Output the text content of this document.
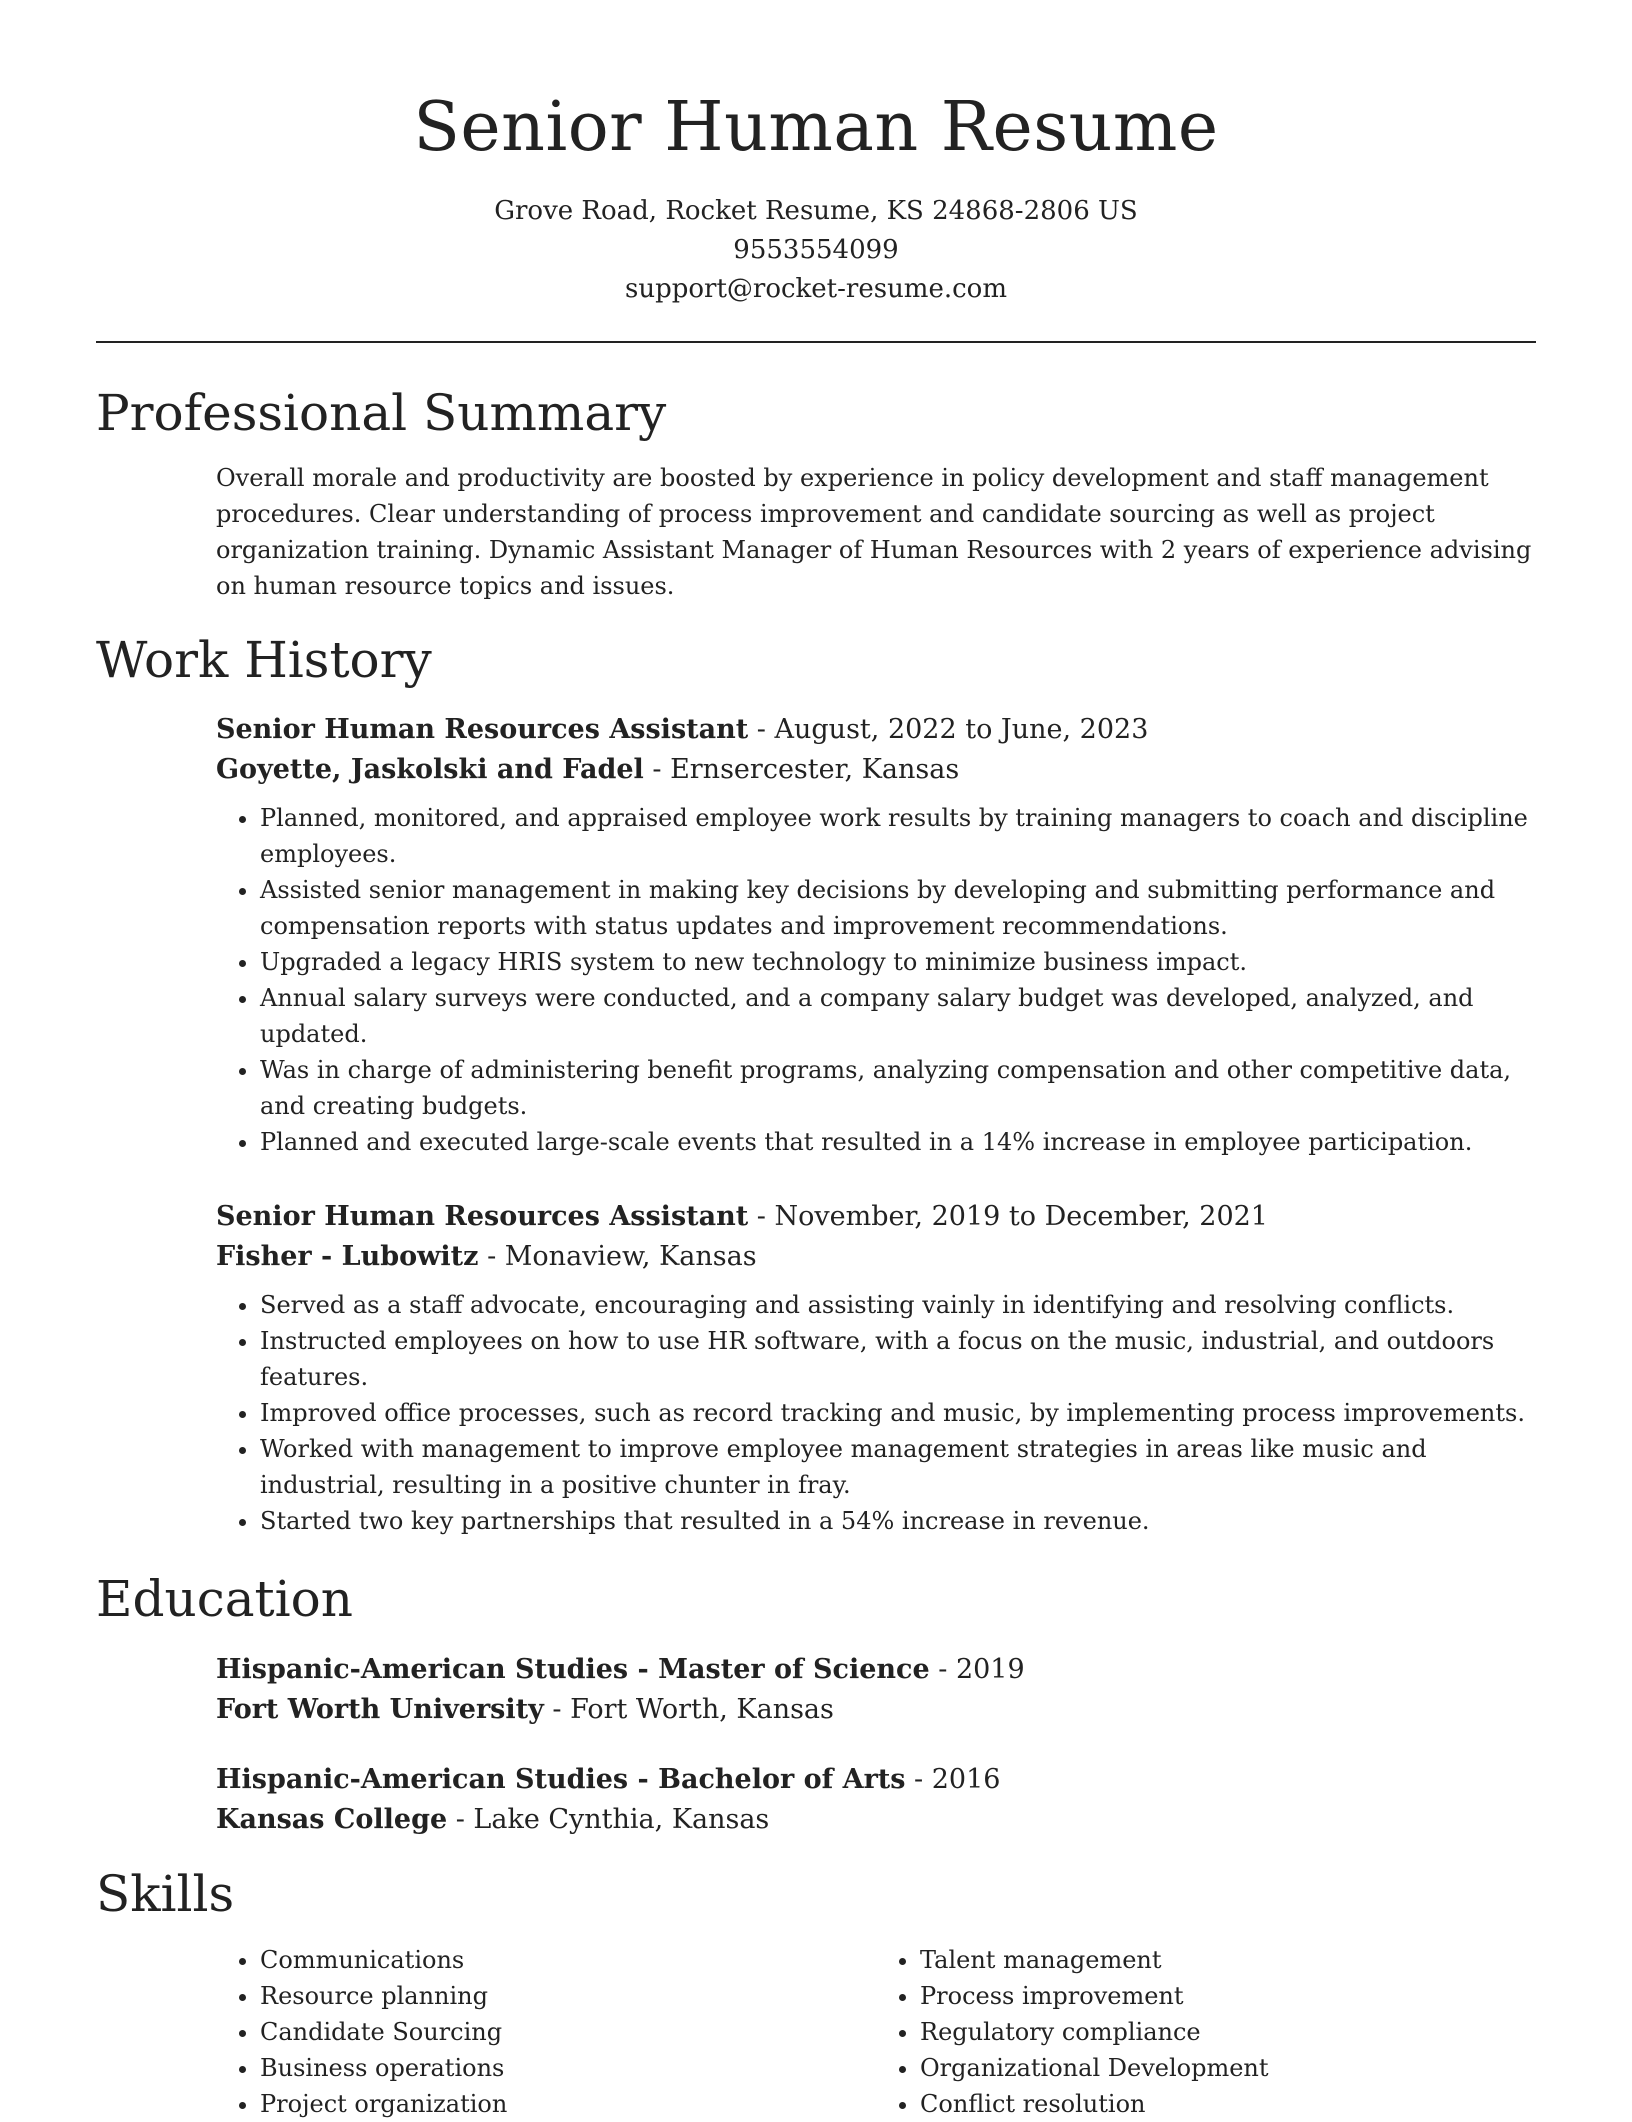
Senior Human Resume
Grove Road, Rocket Resume, KS 24868-2806 US
9553554099
support@rocket-resume.com
Professional Summary
Overall morale and productivity are boosted by experience in policy development and staff management procedures. Clear understanding of process improvement and candidate sourcing as well as project organization training. Dynamic Assistant Manager of Human Resources with 2 years of experience advising on human resource topics and issues.
Work History
Senior Human Resources Assistant - August, 2022 to June, 2023
Goyette, Jaskolski and Fadel - Ernsercester, Kansas
• Planned, monitored, and appraised employee work results by training managers to coach and discipline employees.
• Assisted senior management in making key decisions by developing and submitting performance and compensation reports with status updates and improvement recommendations.
• Upgraded a legacy HRIS system to new technology to minimize business impact.
• Annual salary surveys were conducted, and a company salary budget was developed, analyzed, and updated.
• Was in charge of administering benefit programs, analyzing compensation and other competitive data, and creating budgets.
• Planned and executed large-scale events that resulted in a 14% increase in employee participation.
Senior Human Resources Assistant - November, 2019 to December, 2021
Fisher - Lubowitz - Monaview, Kansas
• Served as a staff advocate, encouraging and assisting vainly in identifying and resolving conflicts.
• Instructed employees on how to use HR software, with a focus on the music, industrial, and outdoors features.
• Improved office processes, such as record tracking and music, by implementing process improvements.
• Worked with management to improve employee management strategies in areas like music and industrial, resulting in a positive chunter in fray.
• Started two key partnerships that resulted in a 54% increase in revenue.
Education
Hispanic-American Studies - Master of Science - 2019
Fort Worth University - Fort Worth, Kansas
Hispanic-American Studies - Bachelor of Arts - 2016
Kansas College - Lake Cynthia, Kansas
Skills
• Communications
• Resource planning
• Candidate Sourcing
• Business operations
• Project organization
• Talent management
• Process improvement
• Regulatory compliance
• Organizational Development
• Conflict resolution
